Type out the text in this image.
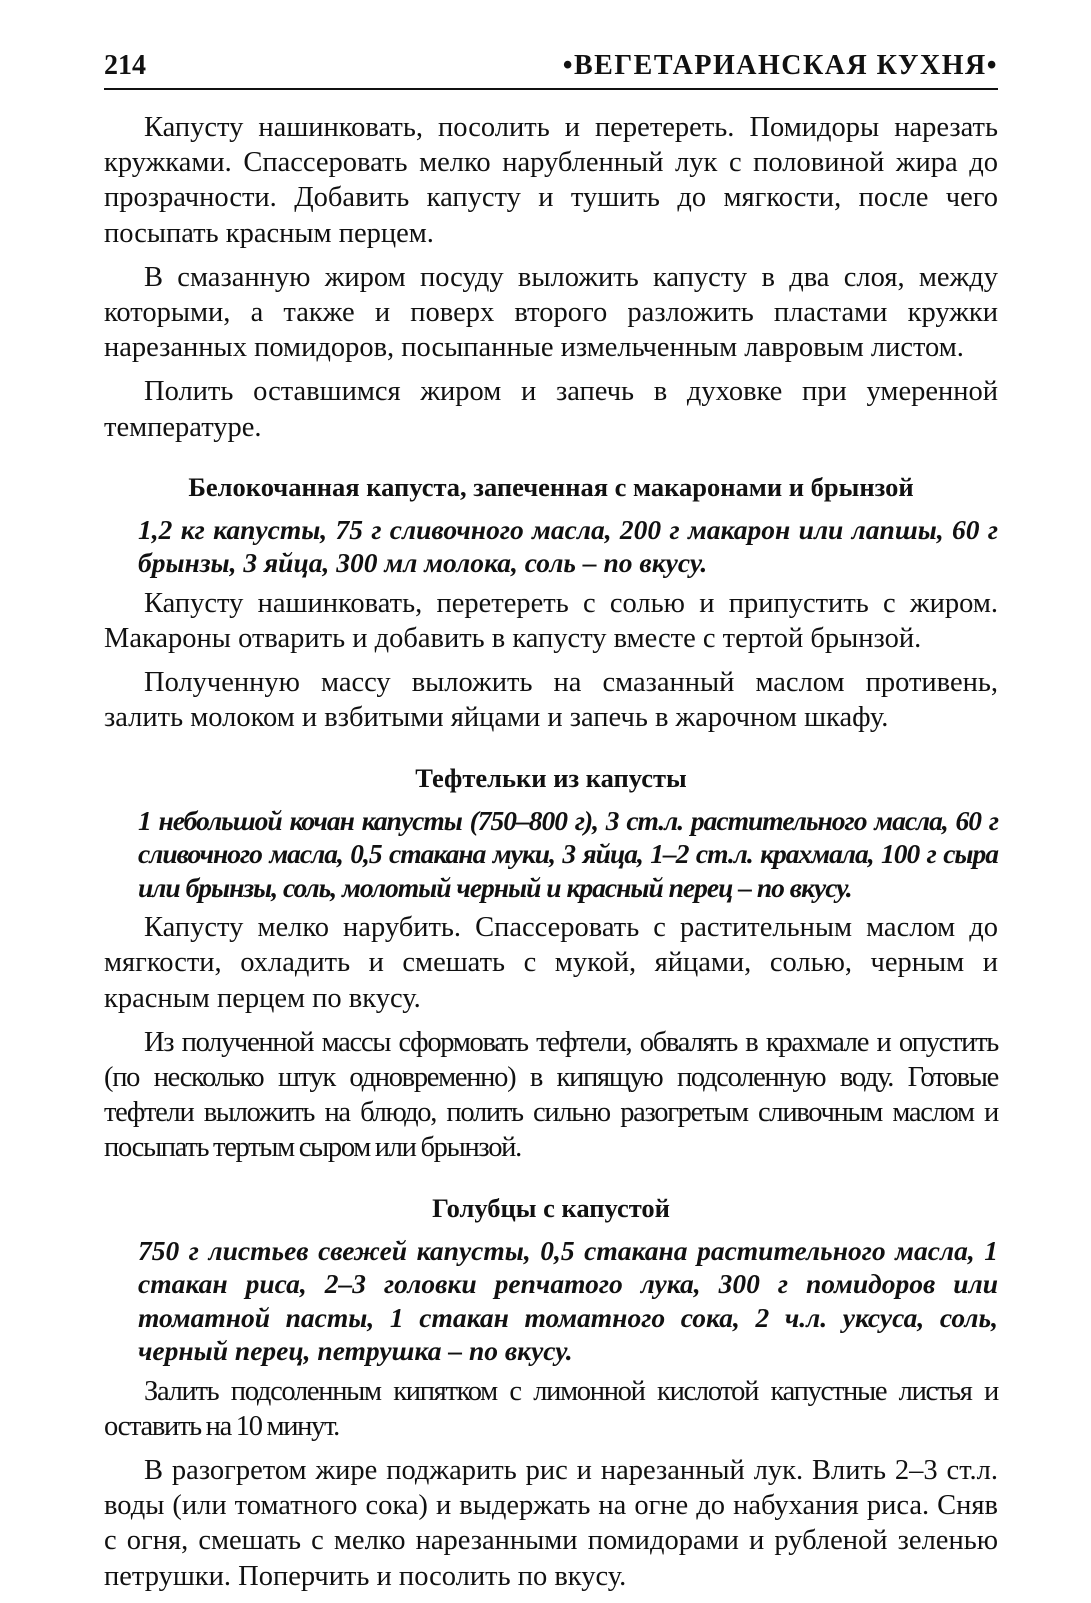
214	•ВЕГЕТАРИАНСКАЯ КУХНЯ•

Капусту нашинковать, посолить и перетереть. Помидоры нарезать кружками. Спассеровать мелко нарубленный лук с половиной жира до прозрачности. Добавить капусту и тушить до мягкости, после чего посыпать красным перцем.

В смазанную жиром посуду выложить капусту в два слоя, между которыми, а также и поверх второго разложить пластами кружки нарезанных помидоров, посыпанные измельченным лавровым листом.

Полить оставшимся жиром и запечь в духовке при умеренной температуре.

Белокочанная капуста, запеченная с макаронами и брынзой

1,2 кг капусты, 75 г сливочного масла, 200 г макарон или лапшы, 60 г брынзы, 3 яйца, 300 мл молока, соль – по вкусу.

Капусту нашинковать, перетереть с солью и припустить с жиром. Макароны отварить и добавить в капусту вместе с тертой брынзой.

Полученную массу выложить на смазанный маслом противень, залить молоком и взбитыми яйцами и запечь в жарочном шкафу.

Тефтельки из капусты

1 небольшой кочан капусты (750–800 г), 3 ст.л. растительного масла, 60 г сливочного масла, 0,5 стакана муки, 3 яйца, 1–2 ст.л. крахмала, 100 г сыра или брынзы, соль, молотый черный и красный перец – по вкусу.

Капусту мелко нарубить. Спассеровать с растительным маслом до мягкости, охладить и смешать с мукой, яйцами, солью, черным и красным перцем по вкусу.

Из полученной массы сформовать тефтели, обвалять в крахмале и опустить (по несколько штук одновременно) в кипящую подсоленную воду. Готовые тефтели выложить на блюдо, полить сильно разогретым сливочным маслом и посыпать тертым сыром или брынзой.

Голубцы с капустой

750 г листьев свежей капусты, 0,5 стакана растительного масла, 1 стакан риса, 2–3 головки репчатого лука, 300 г помидоров или томатной пасты, 1 стакан томатного сока, 2 ч.л. уксуса, соль, черный перец, петрушка – по вкусу.

Залить подсоленным кипятком с лимонной кислотой капустные листья и оставить на 10 минут.

В разогретом жире поджарить рис и нарезанный лук. Влить 2–3 ст.л. воды (или томатного сока) и выдержать на огне до набухания риса. Сняв с огня, смешать с мелко нарезанными помидорами и рубленой зеленью петрушки. Поперчить и посолить по вкусу.
